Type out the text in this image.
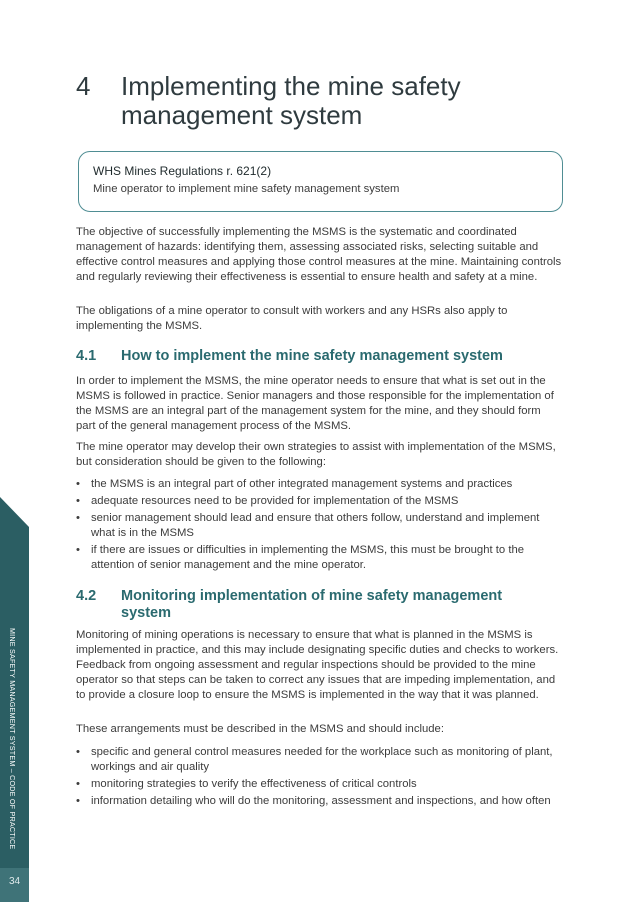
MINE SAFETY MANAGEMENT SYSTEM – CODE OF PRACTICE
34
4 Implementing the mine safety management system
WHS Mines Regulations r. 621(2)
Mine operator to implement mine safety management system

The objective of successfully implementing the MSMS is the systematic and coordinated management of hazards: identifying them, assessing associated risks, selecting suitable and effective control measures and applying those control measures at the mine. Maintaining controls and regularly reviewing their effectiveness is essential to ensure health and safety at a mine.

The obligations of a mine operator to consult with workers and any HSRs also apply to implementing the MSMS.

4.1 How to implement the mine safety management system

In order to implement the MSMS, the mine operator needs to ensure that what is set out in the MSMS is followed in practice. Senior managers and those responsible for the implementation of the MSMS are an integral part of the management system for the mine, and they should form part of the general management process of the MSMS.

The mine operator may develop their own strategies to assist with implementation of the MSMS, but consideration should be given to the following:

• the MSMS is an integral part of other integrated management systems and practices
• adequate resources need to be provided for implementation of the MSMS
• senior management should lead and ensure that others follow, understand and implement what is in the MSMS
• if there are issues or difficulties in implementing the MSMS, this must be brought to the attention of senior management and the mine operator.
4.2 Monitoring implementation of mine safety management system

Monitoring of mining operations is necessary to ensure that what is planned in the MSMS is implemented in practice, and this may include designating specific duties and checks to workers. Feedback from ongoing assessment and regular inspections should be provided to the mine operator so that steps can be taken to correct any issues that are impeding implementation, and to provide a closure loop to ensure the MSMS is implemented in the way that it was planned.

These arrangements must be described in the MSMS and should include:

• specific and general control measures needed for the workplace such as monitoring of plant, workings and air quality
• monitoring strategies to verify the effectiveness of critical controls
• information detailing who will do the monitoring, assessment and inspections, and how often
